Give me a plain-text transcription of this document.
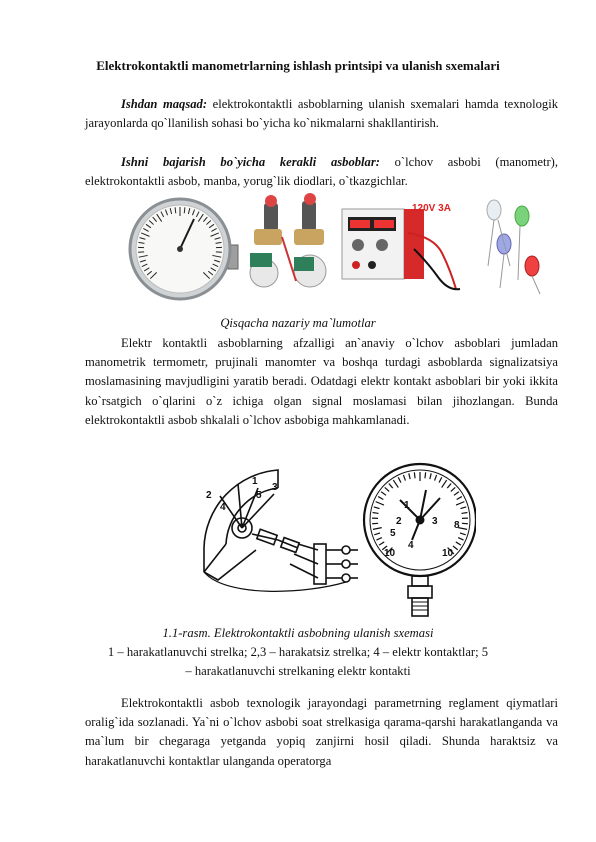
Elektrokontaktli manometrlarning ishlash printsipi va ulanish sxemalari
Ishdan maqsad: elektrokontaktli asboblarning ulanish sxemalari hamda texnologik jarayonlarda qo`llanilish sohasi bo`yicha ko`nikmalarni shakllantirish.
Ishni bajarish bo`yicha kerakli asboblar: o`lchov asbobi (manometr), elektrokontaktli asbob, manba, yorug`lik diodlari, o`tkazgichlar.
120V 3A
Qisqacha nazariy ma`lumotlar
Elektr kontaktli asboblarning afzalligi an`anaviy o`lchov asboblari jumladan manometrik termometr, prujinali manomter va boshqa turdagi asboblarda signalizatsiya moslamasining mavjudligini yaratib beradi. Odatdagi elektr kontakt asboblari bir yoki ikkita ko`rsatgich o`qlarini o`z ichiga olgan signal moslamasi bilan jihozlangan. Bunda elektrokontaktli asbob shkalali o`lchov asbobiga mahkamlanadi.
1
2
3
4
5
1
2	3
4
5
8
10	10
1.1-rasm. Elektrokontaktli asbobning ulanish sxemasi
1 – harakatlanuvchi strelka; 2,3 – harakatsiz strelka; 4 – elektr kontaktlar; 5
– harakatlanuvchi strelkaning elektr kontakti
Elektrokontaktli asbob texnologik jarayondagi parametrning reglament qiymatlari oralig`ida sozlanadi. Ya`ni o`lchov asbobi soat strelkasiga qarama-qarshi harakatlanganda va ma`lum bir chegaraga yetganda yopiq zanjirni hosil qiladi. Shunda haraktsiz va harakatlanuvchi kontaktlar ulanganda operatorga
